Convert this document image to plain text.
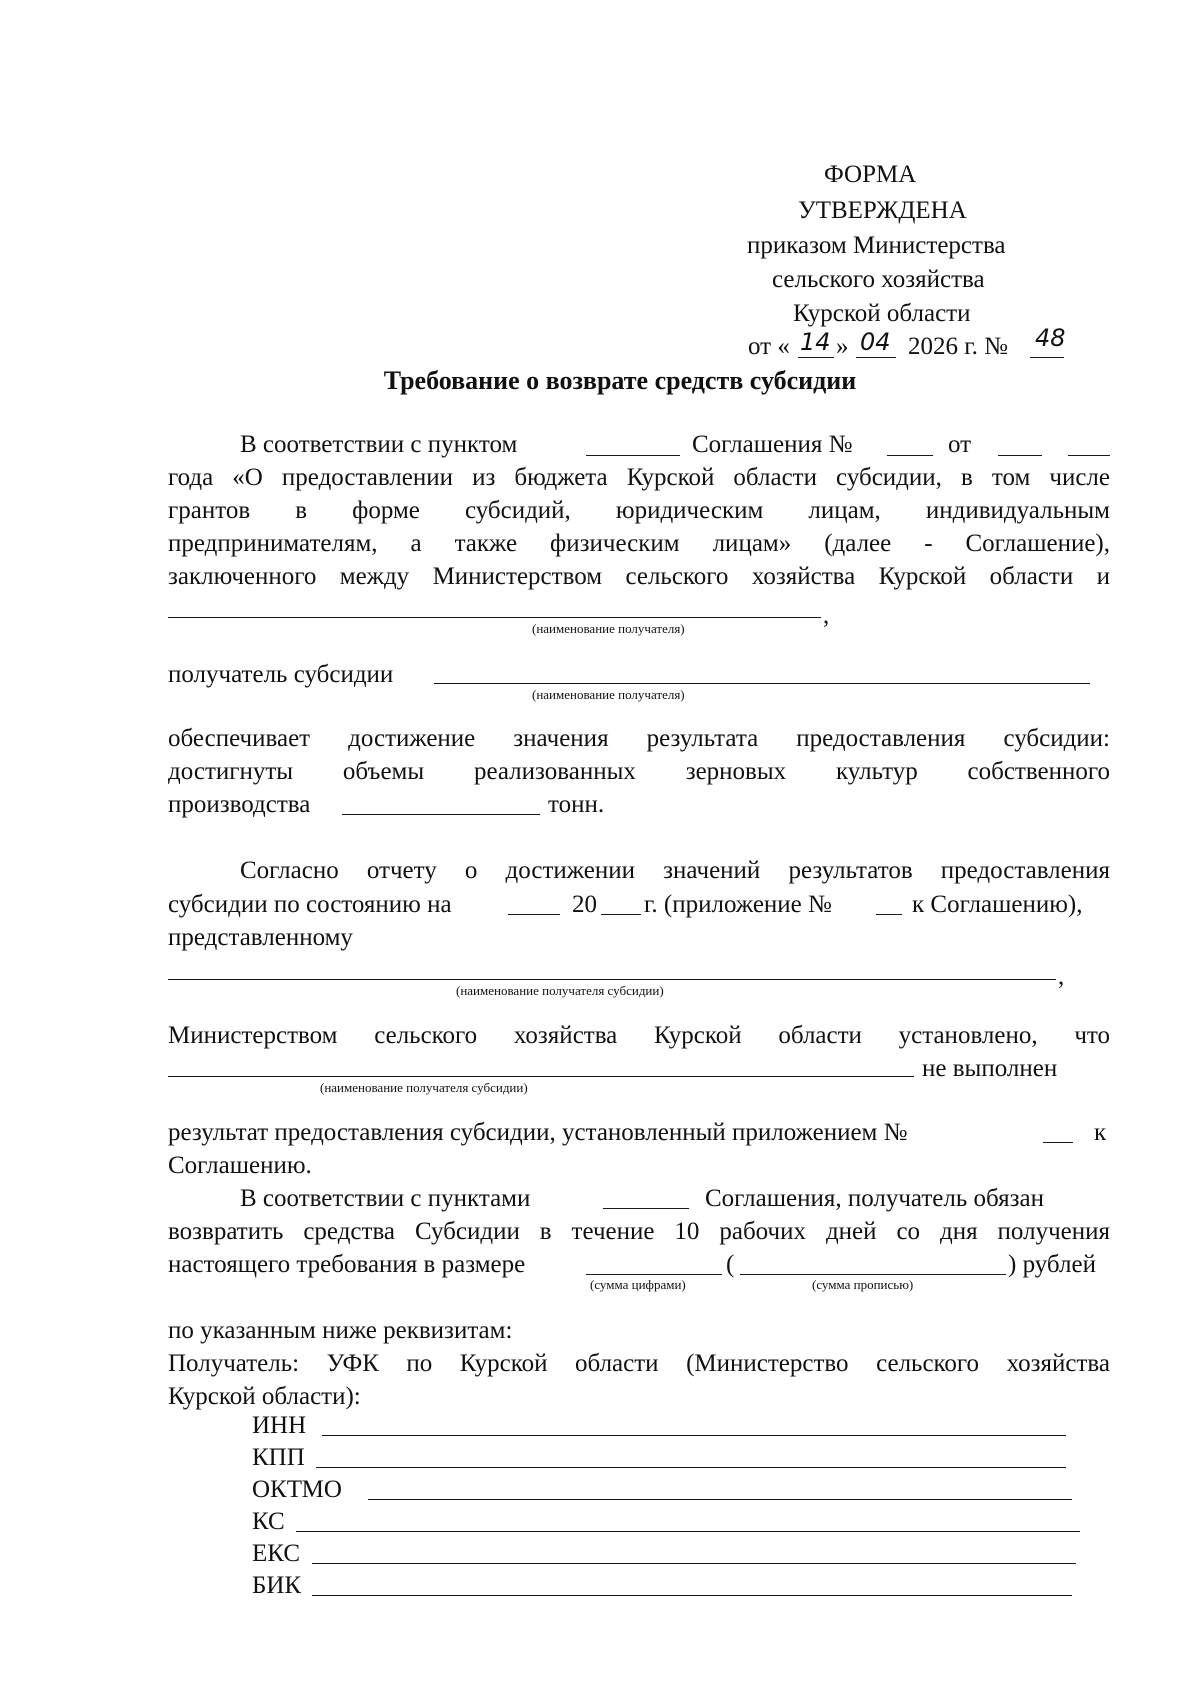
ФОРМА
УТВЕРЖДЕНА
приказом Министерства
сельского хозяйства
Курской области
от « 14 » 04 2026 г. № 48
Требование о возврате средств субсидии
В соответствии с пунктом	Соглашения №	от
года «О предоставлении из бюджета Курской области субсидии, в том числе
грантов в форме субсидий, юридическим лицам, индивидуальным
предпринимателям, а также физическим лицам» (далее - Соглашение),
заключенного между Министерством сельского хозяйства Курской области и
,
(наименование получателя)
получатель субсидии
(наименование получателя)
обеспечивает достижение значения результата предоставления субсидии:
достигнуты объемы реализованных зерновых культур собственного
производства	тонн.
Согласно отчету о достижении значений результатов предоставления
субсидии по состоянию на	20 г. (приложение №	к Соглашению),
представленному
,
(наименование получателя субсидии)
Министерством сельского хозяйства Курской области установлено, что
не выполнен
(наименование получателя субсидии)
результат предоставления субсидии, установленный приложением №	к
Соглашению.
В соответствии с пунктами	Соглашения, получатель обязан
возвратить средства Субсидии в течение 10 рабочих дней со дня получения
настоящего требования в размере	(	) рублей
(сумма цифрами)	(сумма прописью)
по указанным ниже реквизитам:
Получатель: УФК по Курской области (Министерство сельского хозяйства
Курской области):
ИНН
КПП
ОКТМО
КС
ЕКС
БИК
